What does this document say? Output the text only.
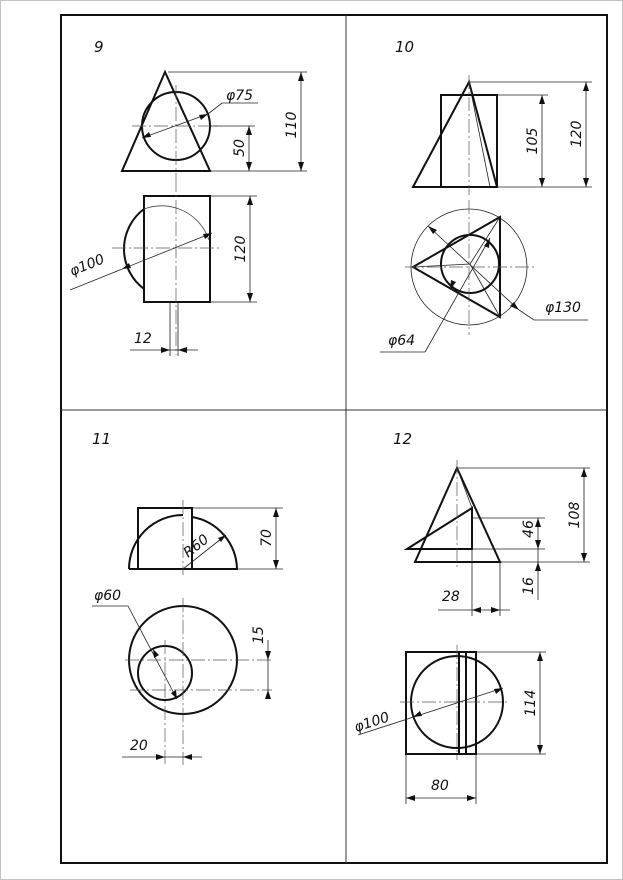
9
φ75
110
50
φ100
120
12
10
105 120
φ130
φ64
11
R60	70
φ60
15
20
12
108
46
16
28
φ100
114
80
